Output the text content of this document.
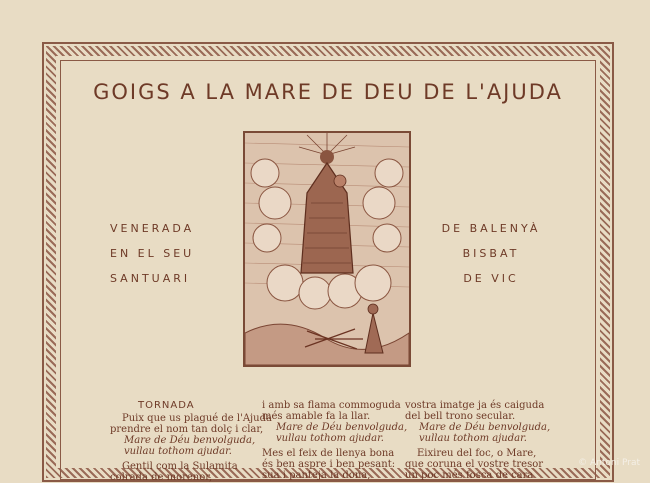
GOIGS A LA MARE DE DEU DE L'AJUDA
VENERADA
EN EL SEU
SANTUARI
DE BALENYÀ
BISBAT
DE VIC
TORNADA
Puix que us plagué de l'Ajuda
prendre el nom tan dolç i clar,
Mare de Déu benvolguda,
vullau tothom ajudar.
Gentil com la Sulamita
colrada de morenor,
i amb sa flama commoguda
més amable fa la llar.
Mare de Déu benvolguda,
vullau tothom ajudar.
Mes el feix de llenya bona
és ben aspre i ben pesant:
sua i panteja la dona,
vostra imatge ja és caiguda
del bell trono secular.
Mare de Déu benvolguda,
vullau tothom ajudar.
Eixireu del foc, o Mare,
que coruna el vostre tresor
un poc més fosca de cara
© Antoni Prat
